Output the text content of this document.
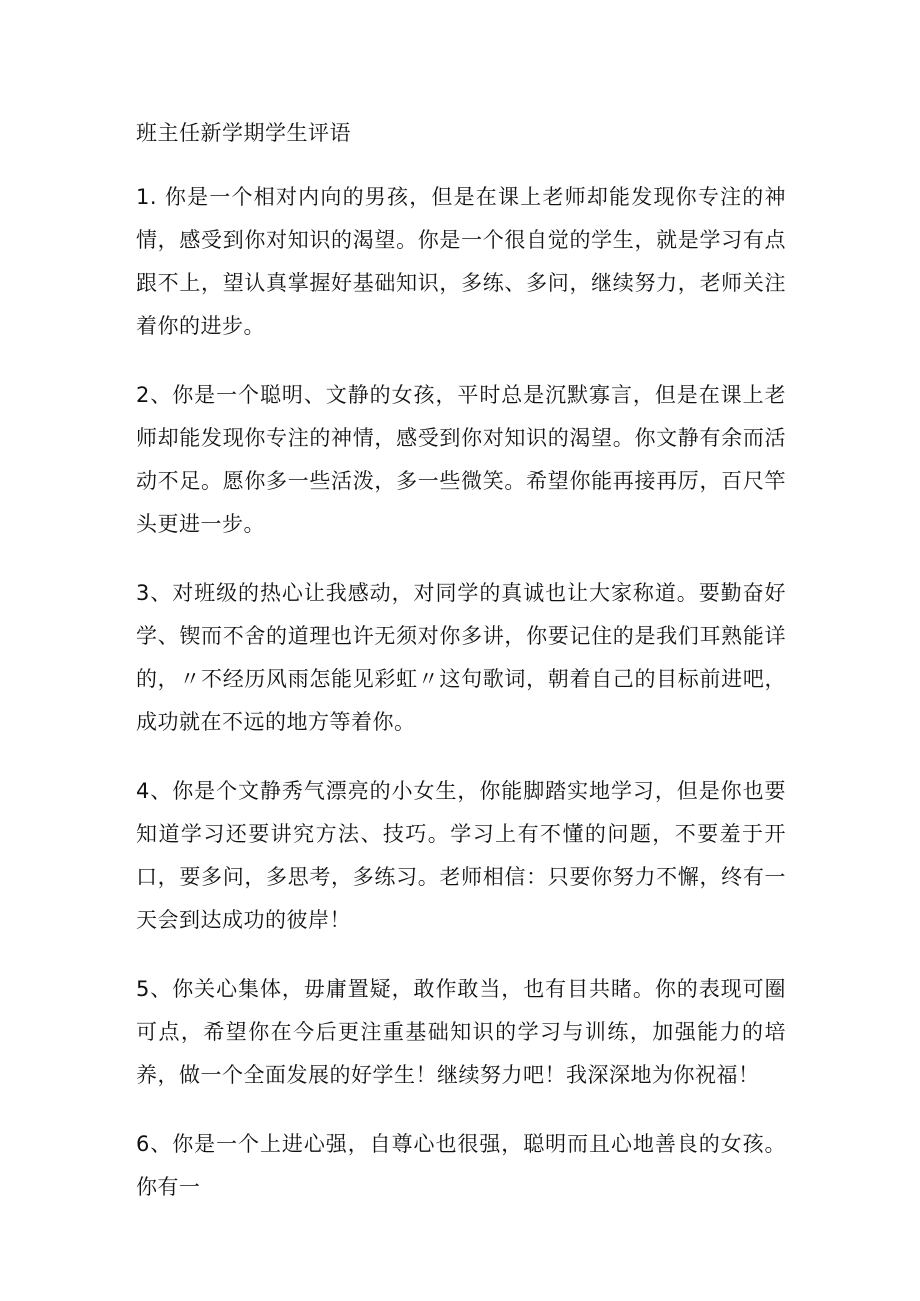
班主任新学期学生评语

1. 你是一个相对内向的男孩，但是在课上老师却能发现你专注的神情，感受到你对知识的渴望。你是一个很自觉的学生，就是学习有点跟不上，望认真掌握好基础知识，多练、多问，继续努力，老师关注着你的进步。

2、你是一个聪明、文静的女孩，平时总是沉默寡言，但是在课上老师却能发现你专注的神情，感受到你对知识的渴望。你文静有余而活动不足。愿你多一些活泼，多一些微笑。希望你能再接再厉，百尺竿头更进一步。

3、对班级的热心让我感动，对同学的真诚也让大家称道。要勤奋好学、锲而不舍的道理也许无须对你多讲，你要记住的是我们耳熟能详的，〃不经历风雨怎能见彩虹〃这句歌词，朝着自己的目标前进吧，成功就在不远的地方等着你。

4、你是个文静秀气漂亮的小女生，你能脚踏实地学习，但是你也要知道学习还要讲究方法、技巧。学习上有不懂的问题，不要羞于开口，要多问，多思考，多练习。老师相信：只要你努力不懈，终有一天会到达成功的彼岸！

5、你关心集体，毋庸置疑，敢作敢当，也有目共睹。你的表现可圈可点，希望你在今后更注重基础知识的学习与训练，加强能力的培养，做一个全面发展的好学生！继续努力吧！我深深地为你祝福！

6、你是一个上进心强，自尊心也很强，聪明而且心地善良的女孩。你有一
